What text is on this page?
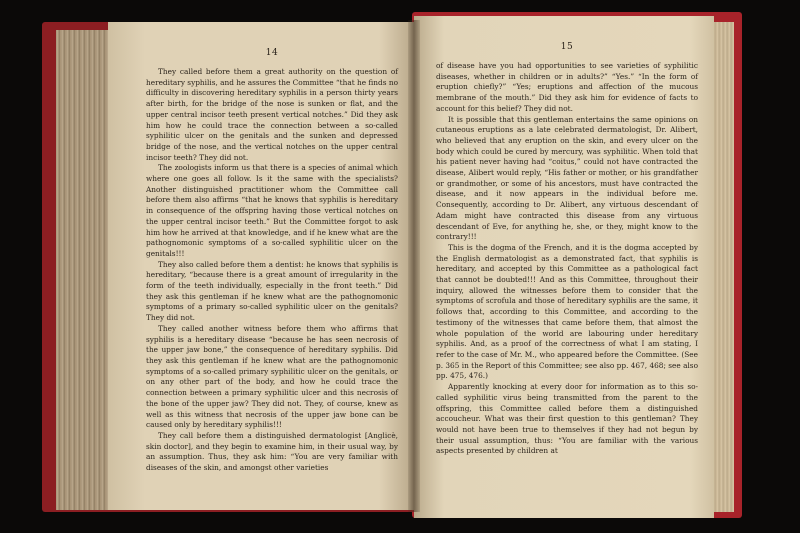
14

They called before them a great authority on the question of hereditary syphilis, and he assures the Committee “that he finds no difficulty in discovering hereditary syphilis in a person thirty years after birth, for the bridge of the nose is sunken or flat, and the upper central incisor teeth present vertical notches.” Did they ask him how he could trace the connection between a so-called syphilitic ulcer on the genitals and the sunken and depressed bridge of the nose, and the vertical notches on the upper central incisor teeth? They did not.

The zoologists inform us that there is a species of animal which where one goes all follow. Is it the same with the specialists? Another distinguished practitioner whom the Committee call before them also affirms “that he knows that syphilis is hereditary in consequence of the offspring having those vertical notches on the upper central incisor teeth.” But the Committee forgot to ask him how he arrived at that knowledge, and if he knew what are the pathognomonic symptoms of a so-called syphilitic ulcer on the genitals!!!

They also called before them a dentist: he knows that syphilis is hereditary, “because there is a great amount of irregularity in the form of the teeth individually, especially in the front teeth.” Did they ask this gentleman if he knew what are the pathognomonic symptoms of a primary so-called syphilitic ulcer on the genitals? They did not.

They called another witness before them who affirms that syphilis is a hereditary disease “because he has seen necrosis of the upper jaw bone,” the consequence of hereditary syphilis. Did they ask this gentleman if he knew what are the pathognomonic symptoms of a so-called primary syphilitic ulcer on the genitals, or on any other part of the body, and how he could trace the connection between a primary syphilitic ulcer and this necrosis of the bone of the upper jaw? They did not. They, of course, knew as well as this witness that necrosis of the upper jaw bone can be caused only by hereditary syphilis!!!

They call before them a distinguished dermatologist [Anglicè, skin doctor], and they begin to examine him, in their usual way, by an assumption. Thus, they ask him: “You are very familiar with diseases of the skin, and amongst other varieties

15

of disease have you had opportunities to see varieties of syphilitic diseases, whether in children or in adults?” “Yes.” “In the form of eruption chiefly?” “Yes; eruptions and affection of the mucous membrane of the mouth.” Did they ask him for evidence of facts to account for this belief? They did not.

It is possible that this gentleman entertains the same opinions on cutaneous eruptions as a late celebrated dermatologist, Dr. Alibert, who believed that any eruption on the skin, and every ulcer on the body which could be cured by mercury, was syphilitic. When told that his patient never having had “coitus,” could not have contracted the disease, Alibert would reply, “His father or mother, or his grandfather or grandmother, or some of his ancestors, must have contracted the disease, and it now appears in the individual before me. Consequently, according to Dr. Alibert, any virtuous descendant of Adam might have contracted this disease from any virtuous descendant of Eve, for anything he, she, or they, might know to the contrary!!!

This is the dogma of the French, and it is the dogma accepted by the English dermatologist as a demonstrated fact, that syphilis is hereditary, and accepted by this Committee as a pathological fact that cannot be doubted!!! And as this Committee, throughout their inquiry, allowed the witnesses before them to consider that the symptoms of scrofula and those of hereditary syphilis are the same, it follows that, according to this Committee, and according to the testimony of the witnesses that came before them, that almost the whole population of the world are labouring under hereditary syphilis. And, as a proof of the correctness of what I am stating, I refer to the case of Mr. M., who appeared before the Committee. (See p. 365 in the Report of this Committee; see also pp. 467, 468; see also pp. 475, 476.)

Apparently knocking at every door for information as to this so-called syphilitic virus being transmitted from the parent to the offspring, this Committee called before them a distinguished accoucheur. What was their first question to this gentleman? They would not have been true to themselves if they had not begun by their usual assumption, thus: “You are familiar with the various aspects presented by children at
